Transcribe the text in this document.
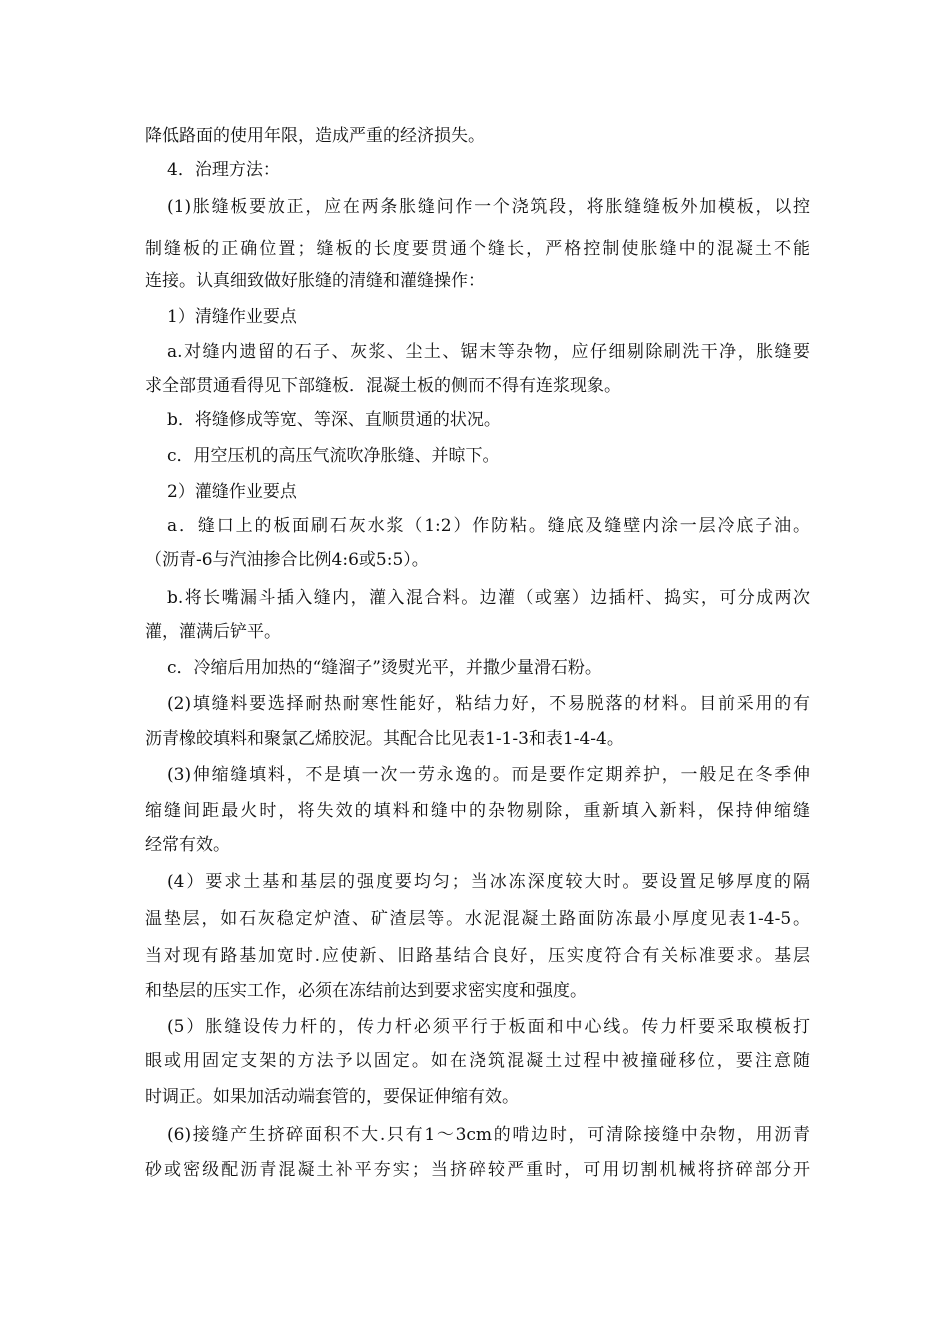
降低路面的使用年限，造成严重的经济损失。
4．治理方法：
(1)胀缝板要放正，应在两条胀缝问作一个浇筑段，将胀缝缝板外加模板，以控
制缝板的正确位置；缝板的长度要贯通个缝长，严格控制使胀缝中的混凝土不能
连接。认真细致做好胀缝的清缝和灌缝操作：
1）清缝作业要点
a.对缝内遗留的石子、灰浆、尘土、锯末等杂物，应仔细剔除刷洗干净，胀缝要
求全部贯通看得见下部缝板．混凝土板的侧而不得有连浆现象。
b．将缝修成等宽、等深、直顺贯通的状况。
c．用空压机的高压气流吹净胀缝、并晾下。
2）灌缝作业要点
a．缝口上的板面刷石灰水浆（1:2）作防粘。缝底及缝壁内涂一层冷底子油。
（沥青-6与汽油掺合比例4:6或5:5）。
b.将长嘴漏斗插入缝内，灌入混合料。边灌（或塞）边插杆、捣实，可分成两次
灌，灌满后铲平。
c．冷缩后用加热的“缝溜子”烫熨光平，并撒少量滑石粉。
(2)填缝料要选择耐热耐寒性能好，粘结力好，不易脱落的材料。目前采用的有
沥青橡皎填料和聚氯乙烯胶泥。其配合比见表1-1-3和表1-4-4。
(3)伸缩缝填料，不是填一次一劳永逸的。而是要作定期养护，一般足在冬季伸
缩缝间距最火时，将失效的填料和缝中的杂物剔除，重新填入新料，保持伸缩缝
经常有效。
(4）要求土基和基层的强度要均匀；当冰冻深度较大时。要设置足够厚度的隔
温垫层，如石灰稳定炉渣、矿渣层等。水泥混凝土路面防冻最小厚度见表1-4-5。
当对现有路基加宽时.应使新、旧路基结合良好，压实度符合有关标准要求。基层
和垫层的压实工作，必须在冻结前达到要求密实度和强度。
(5）胀缝设传力杆的，传力杆必须平行于板面和中心线。传力杆要采取模板打
眼或用固定支架的方法予以固定。如在浇筑混凝土过程中被撞碰移位，要注意随
时调正。如果加活动端套管的，要保证伸缩有效。
(6)接缝产生挤碎面积不大.只有1～3cm的啃边时，可清除接缝中杂物，用沥青
砂或密级配沥青混凝土补平夯实；当挤碎较严重时，可用切割机械将挤碎部分开
